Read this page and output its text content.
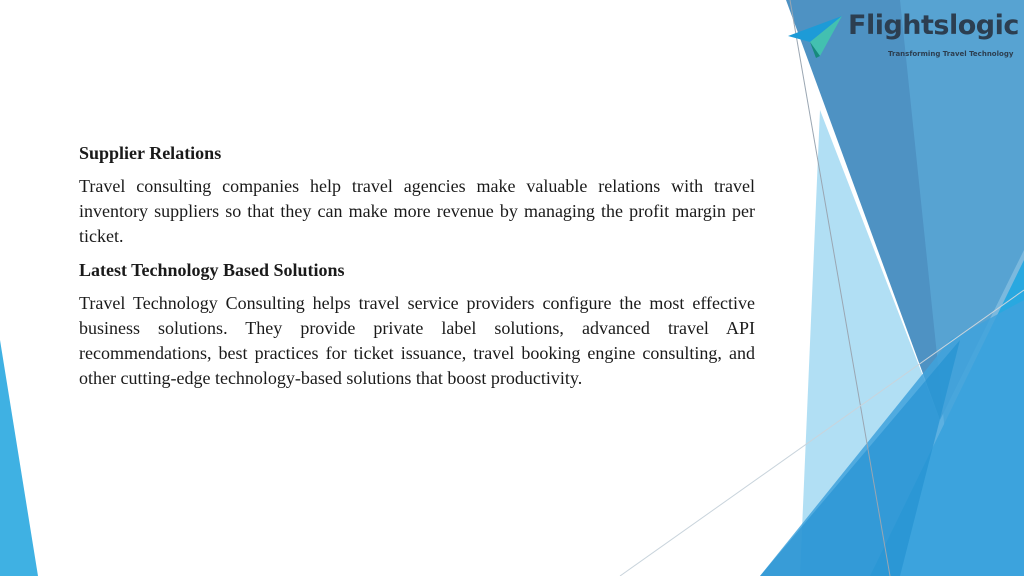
Flightslogic
Transforming Travel Technology
Supplier Relations

Travel consulting companies help travel agencies make valuable relations with travel inventory suppliers so that they can make more revenue by managing the profit margin per ticket.

Latest Technology Based Solutions

Travel Technology Consulting helps travel service providers configure the most effective business solutions. They provide private label solutions, advanced travel API recommendations, best practices for ticket issuance, travel booking engine consulting, and other cutting-edge technology-based solutions that boost productivity.
